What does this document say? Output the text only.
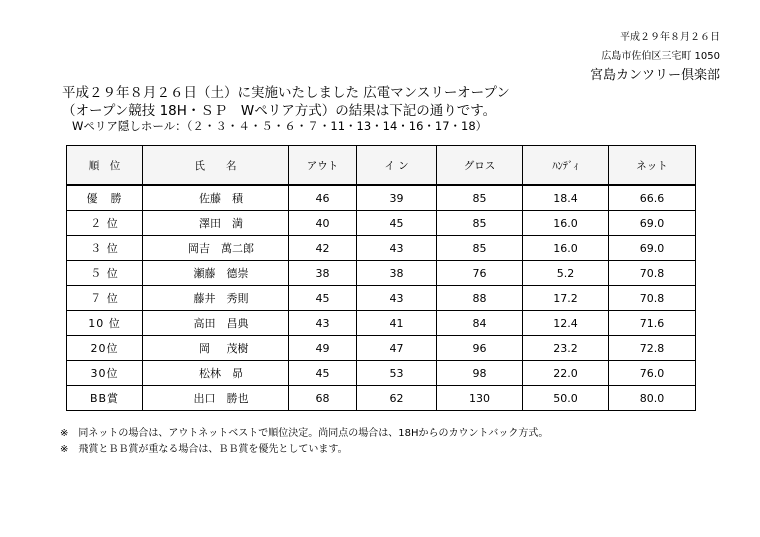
平成２９年８月２６日
広島市佐伯区三宅町 1050
宮島カンツリー倶楽部
平成２９年８月２６日（土）に実施いたしました 広電マンスリーオープン
（オープン競技 18H・ＳＰ　Wペリア方式）の結果は下記の通りです。
Wペリア隠しホール：（２・３・４・５・６・７・11・13・14・16・17・18）
順　位	氏　　名	アウト	イ ン	グロス	ﾊﾝﾃﾞｨ	ネット
優　勝	佐藤 積	46	39	85	18.4	66.6
２ 位	澤田 満	40	45	85	16.0	69.0
３ 位	岡吉 萬二郎	42	43	85	16.0	69.0
５ 位	瀬藤 德崇	38	38	76	5.2	70.8
７ 位	藤井 秀則	45	43	88	17.2	70.8
10 位	高田 昌典	43	41	84	12.4	71.6
20位	岡 茂樹	49	47	96	23.2	72.8
30位	松林 昴	45	53	98	22.0	76.0
BB賞	出口 勝也	68	62	130	50.0	80.0
※　同ネットの場合は、アウトネットベストで順位決定。尚同点の場合は、18Hからのカウントバック方式。
※　飛賞とＢＢ賞が重なる場合は、ＢＢ賞を優先としています。
